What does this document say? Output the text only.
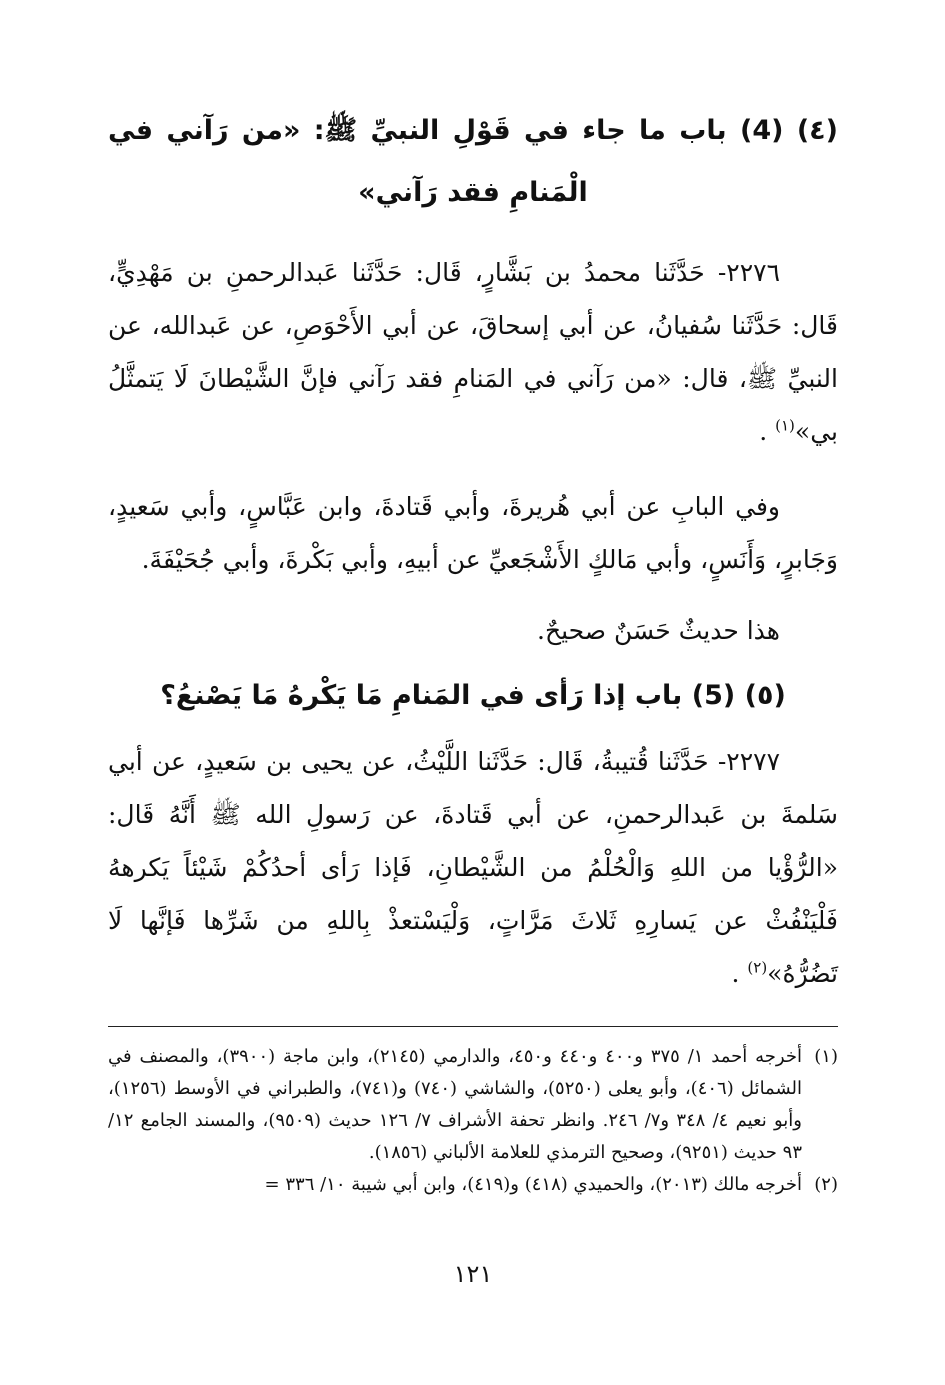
(٤) (4) باب ما جاء في قَوْلِ النبيِّ ﷺ: «من رَآني في الْمَنامِ فقد رَآني»

٢٢٧٦- حَدَّثَنا محمدُ بن بَشَّارٍ، قَال: حَدَّثَنا عَبدالرحمنِ بن مَهْدِيٍّ، قَال: حَدَّثَنا سُفيانُ، عن أبي إسحاقَ، عن أبي الأَحْوَصِ، عن عَبدالله، عن النبيِّ ﷺ، قال: «من رَآني في المَنامِ فقد رَآني فإنَّ الشَّيْطانَ لَا يَتمثَّلُ بي»$^{(١)}$ .

وفي البابِ عن أبي هُريرةَ، وأبي قَتادةَ، وابن عَبَّاسٍ، وأبي سَعيدٍ، وَجَابرٍ، وَأَنَسٍ، وأبي مَالكٍ الأَشْجَعيِّ عن أبيهِ، وأبي بَكْرةَ، وأبي جُحَيْفَةَ.

هذا حديثٌ حَسَنٌ صحيحٌ.

(٥) (5) باب إذا رَأى في المَنامِ مَا يَكْرهُ مَا يَصْنعُ؟

٢٢٧٧- حَدَّثَنا قُتيبةُ، قَال: حَدَّثَنا اللَّيْثُ، عن يحيى بن سَعيدٍ، عن أبي سَلمةَ بن عَبدالرحمنِ، عن أبي قَتادةَ، عن رَسولِ الله ﷺ أَنَّهُ قَال: «الرُّؤْيا من اللهِ وَالْحُلْمُ من الشَّيْطانِ، فَإذا رَأى أحدُكُمْ شَيْئاً يَكرههُ فَلْيَنْفُثْ عن يَسارِهِ ثَلاثَ مَرَّاتٍ، وَلْيَسْتعذْ بِاللهِ من شَرِّها فَإنَّها لَا تَضُرُّهُ»$^{(٢)}$ .

(١)
أخرجه أحمد ١/ ٣٧٥ و٤٠٠ و٤٤٠ و٤٥٠، والدارمي (٢١٤٥)، وابن ماجة (٣٩٠٠)، والمصنف في الشمائل (٤٠٦)، وأبو يعلى (٥٢٥٠)، والشاشي (٧٤٠) و(٧٤١)، والطبراني في الأوسط (١٢٥٦)، وأبو نعيم ٤/ ٣٤٨ و٧/ ٢٤٦. وانظر تحفة الأشراف ٧/ ١٢٦ حديث (٩٥٠٩)، والمسند الجامع ١٢/ ٩٣ حديث (٩٢٥١)، وصحيح الترمذي للعلامة الألباني (١٨٥٦).

(٢)
أخرجه مالك (٢٠١٣)، والحميدي (٤١٨) و(٤١٩)، وابن أبي شيبة ١٠/ ٣٣٦ =

١٢١
